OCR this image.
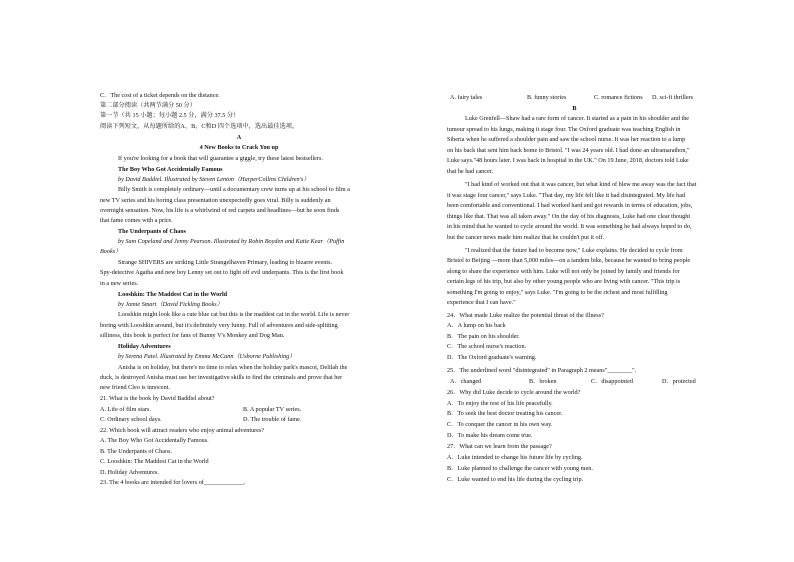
C．The cost of a ticket depends on the distance.
第二部分阅读（共两节满分 50 分）
第一节（共 15 小题；每小题 2.5 分，满分 37.5 分）
阅读下列短文，从每题所给的A、B、C和D 四个选项中，选出最佳选项。
A
4 New Books to Crack You up
If you're looking for a book that will guarantee a giggle, try these latest bestsellers.
The Boy Who Got Accidentally Famous
by David Baddiel. Illustrated by Steven Lenton（HarperCollins Children's）
Billy Smith is completely ordinary—until a documentary crew turns up at his school to film a
new TV series and his boring class presentation unexpectedly goes viral. Billy is suddenly an
overnight sensation. Now, his life is a whirlwind of red carpets and headlines—but he soon finds
that fame comes with a price.
The Underpants of Chaos
by Sam Copeland and Jenny Pearson. Illustrated by Robin Boyden and Katie Kear（Puffin
Books）
Strange SHIVERS are striking Little Strangelhaven Primary, leading to bizarre events.
Spy-detective Agatha and new boy Lenny set out to fight off evil underpants. This is the first book
in a new series.
Looshkin: The Maddest Cat in the World
by Jamie Smart（David Fickling Books）
Looshkin might look like a cute blue cat but this is the maddest cat in the world. Life is never
boring with Looshkin around, but it's definitely very funny. Full of adventures and side-splitting
silliness, this book is perfect for fans of Bunny V's Monkey and Dog Man.
Holiday Adventures
by Serena Patel. Illustrated by Emma McCann（Usborne Publishing）
Anisha is on holiday, but there's no time to relax when the holiday park's mascot, Delilah the
duck, is destroyed Anisha must use her investigative skills to find the criminals and prove that her
new friend Cleo is innocent.
21. What is the book by David Baddiel about?
A. Life of film stars.	B. A popular TV series.
C. Ordinary school days.	D. The trouble of fame.
22. Which book will attract readers who enjoy animal adventures?
A. The Boy Who Got Accidentally Famous.
B. The Underpants of Chaos.
C. Looshkin: The Maddest Cat in the World
D. Holiday Adventures.
23. The 4 books are intended for lovers of_____________.
A. fairy tales	B. funny stories	C. romance fictions D. sci-fi thrillers
B
Luke Grenfell—Shaw had a rare form of cancer. It started as a pain in his shoulder and the
tumour spread to his lungs, making it stage four. The Oxford graduate was teaching English in
Siberia when he suffered a shoulder pain and saw the school nurse. It was her reaction to a lump
on his back that sent him back home to Bristol. "I was 24 years old. I had done an ultramarathon,"
Luke says."48 hours later. I was back in hospital in the UK." On 19 June, 2018, doctors told Luke
that he had cancer.
"I had kind of worked out that it was cancer, but what kind of blew me away was the fact that
it was stage four cancer," says Luke. "That day, my life felt like it had disintegrated. My life had
been comfortable and conventional. I had worked hard and got rewards in terms of education, jobs,
things like that. That was all taken away." On the day of his diagnosis, Luke had one clear thought
in his mind that he wanted to cycle around the world. It was something he had always hoped to do,
but the cancer news made him realize that he couldn't put it off.
"I realized that the future had to become now," Luke explains. He decided to cycle from
Bristol to Beijing —more than 5,000 miles—on a tandem bike, because he wanted to bring people
along to share the experience with him. Luke will not only be joined by family and friends for
certain legs of his trip, but also by other young people who are living with cancer. "This trip is
something I'm going to enjoy," says Luke. "I'm going to be the richest and most fulfilling
experience that I can have."
24．What made Luke realize the potential threat of the illness?
A．A lump on his back
B．The pain on his shoulder.
C．The school nurse's reaction.
D．The Oxford graduate's warning.
25．The underlined word "disintegrated" in Paragraph 2 means"________".
A．changed	B．broken	C．disappointed	D．protected
26．Why did Luke decide to cycle around the world?
A．To enjoy the rest of his life peacefully.
B．To seek the best doctor treating his cancer.
C．To conquer the cancer in his own way.
D．To make his dream come true.
27．What can we learn from the passage?
A．Luke intended to change his future life by cycling.
B．Luke planned to challenge the cancer with young men.
C．Luke wanted to end his life during the cycling trip.
